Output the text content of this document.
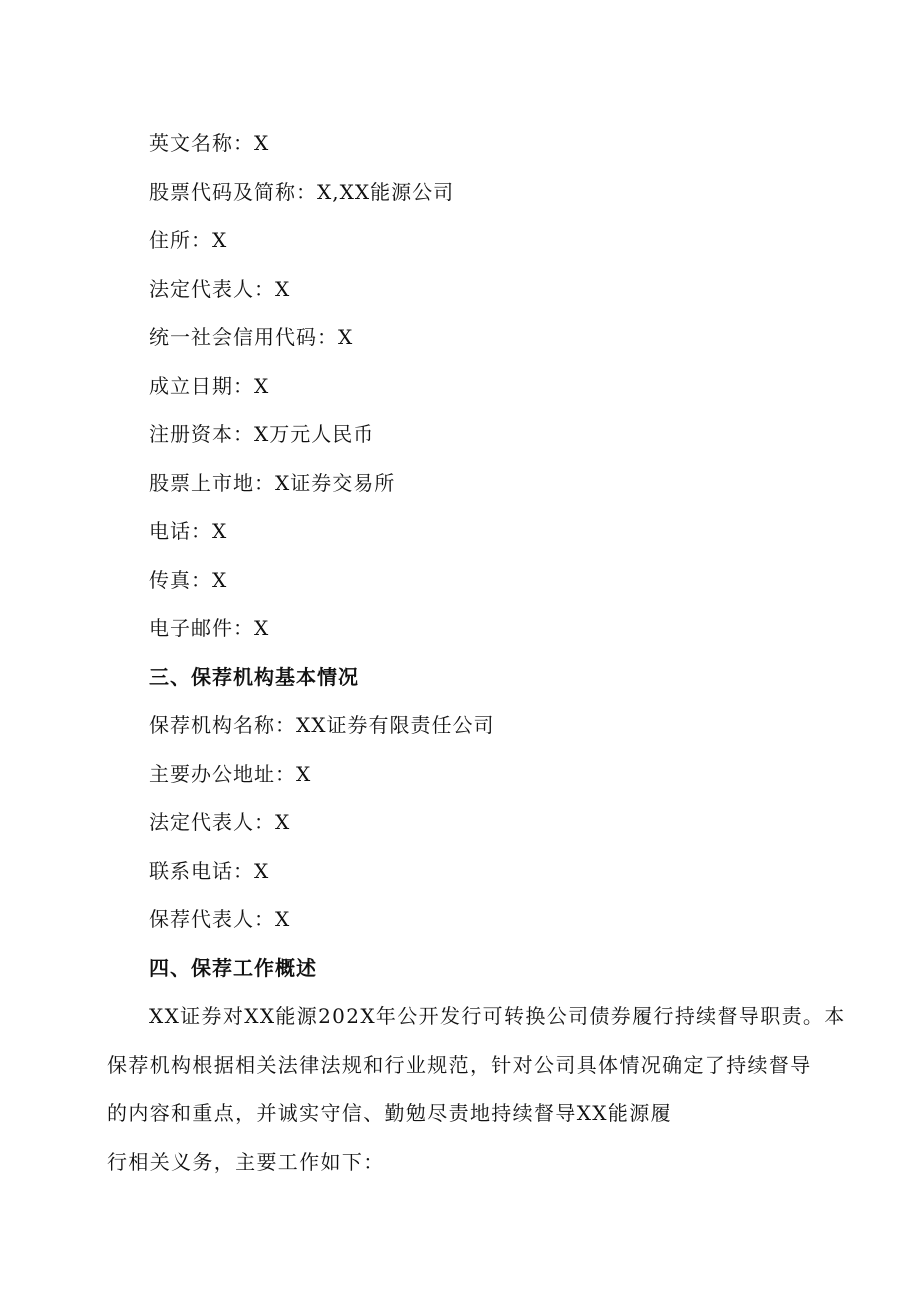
英文名称：X
股票代码及简称：X,XX能源公司
住所：X
法定代表人：X
统一社会信用代码：X
成立日期：X
注册资本：X万元人民币
股票上市地：X证券交易所
电话：X
传真：X
电子邮件：X
三、保荐机构基本情况
保荐机构名称：XX证券有限责任公司
主要办公地址：X
法定代表人：X
联系电话：X
保荐代表人：X
四、保荐工作概述
XX证券对XX能源202X年公开发行可转换公司债券履行持续督导职责。本
保荐机构根据相关法律法规和行业规范，针对公司具体情况确定了持续督导
的内容和重点，并诚实守信、勤勉尽责地持续督导XX能源履
行相关义务，主要工作如下：
